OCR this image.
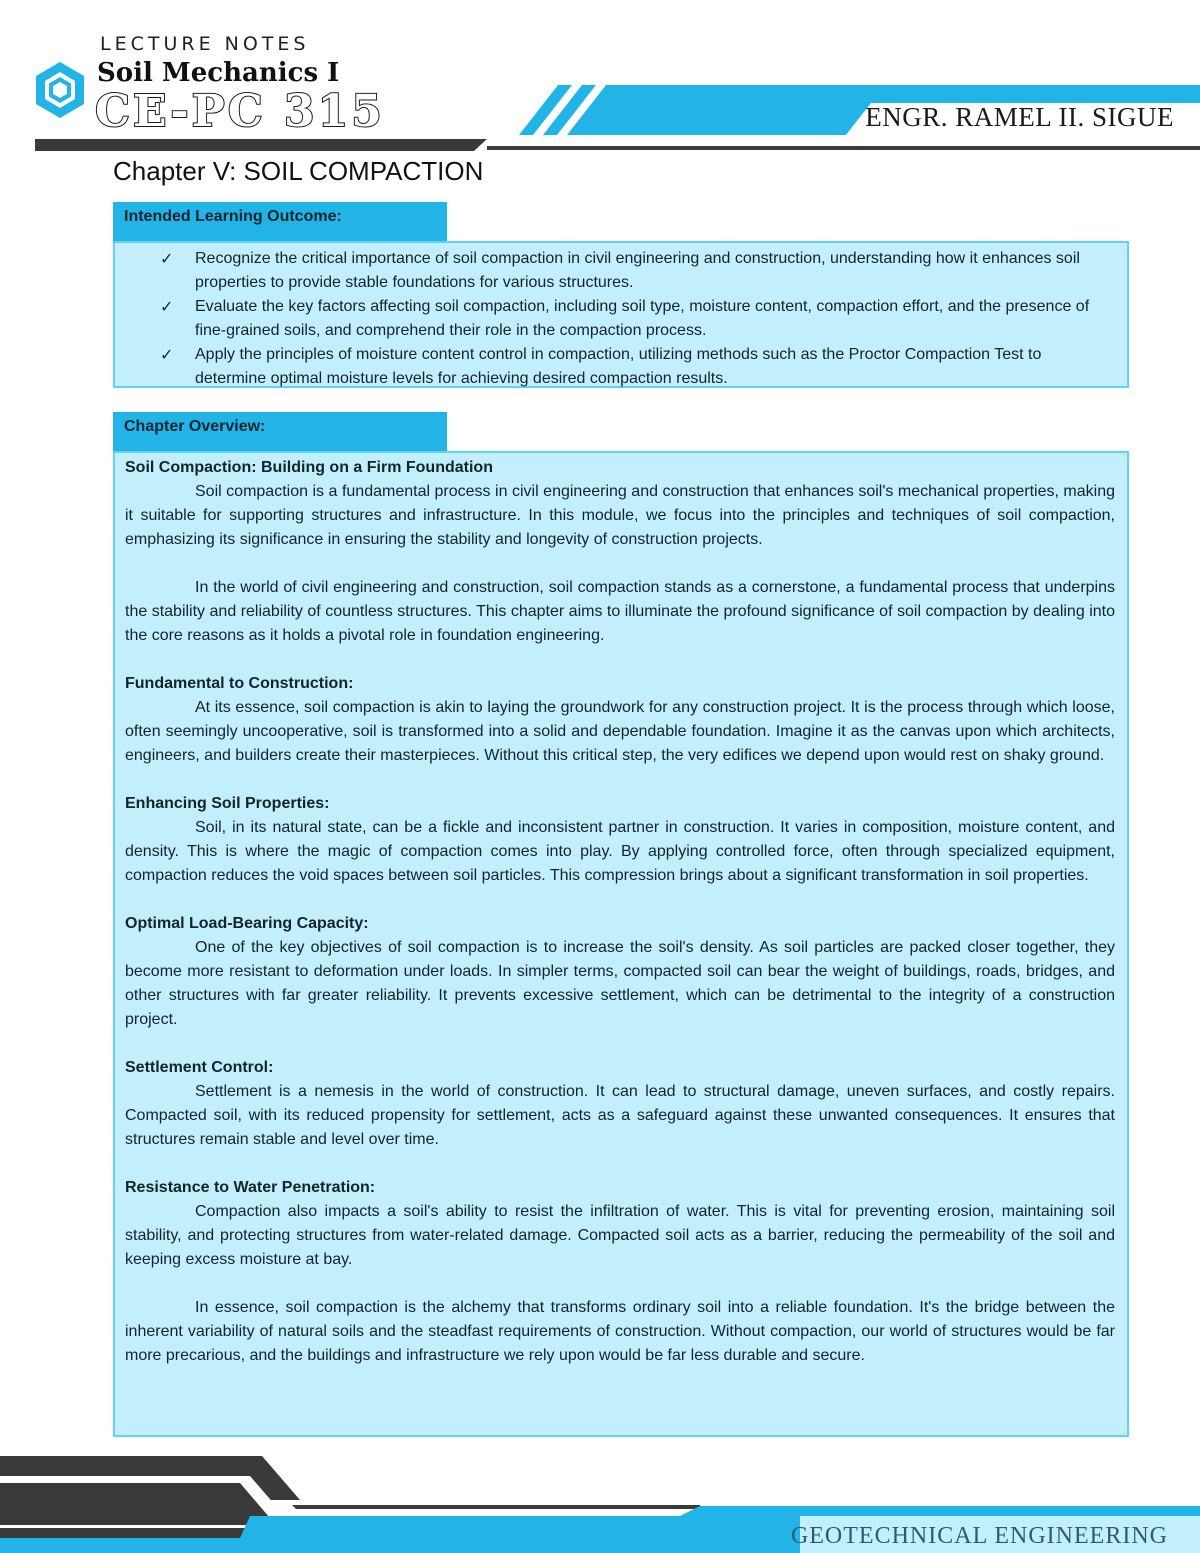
LECTURE NOTES
Soil Mechanics I
CE-PC 315	ENGR. RAMEL II. SIGUE
Chapter V: SOIL COMPACTION
Intended Learning Outcome:
✓ Recognize the critical importance of soil compaction in civil engineering and construction, understanding how it enhances soil properties to provide stable foundations for various structures.
✓ Evaluate the key factors affecting soil compaction, including soil type, moisture content, compaction effort, and the presence of fine-grained soils, and comprehend their role in the compaction process.
✓ Apply the principles of moisture content control in compaction, utilizing methods such as the Proctor Compaction Test to determine optimal moisture levels for achieving desired compaction results.
Chapter Overview:
Soil Compaction: Building on a Firm Foundation

Soil compaction is a fundamental process in civil engineering and construction that enhances soil's mechanical properties, making it suitable for supporting structures and infrastructure. In this module, we focus into the principles and techniques of soil compaction, emphasizing its significance in ensuring the stability and longevity of construction projects.

In the world of civil engineering and construction, soil compaction stands as a cornerstone, a fundamental process that underpins the stability and reliability of countless structures. This chapter aims to illuminate the profound significance of soil compaction by dealing into the core reasons as it holds a pivotal role in foundation engineering.

Fundamental to Construction:

At its essence, soil compaction is akin to laying the groundwork for any construction project. It is the process through which loose, often seemingly uncooperative, soil is transformed into a solid and dependable foundation. Imagine it as the canvas upon which architects, engineers, and builders create their masterpieces. Without this critical step, the very edifices we depend upon would rest on shaky ground.

Enhancing Soil Properties:

Soil, in its natural state, can be a fickle and inconsistent partner in construction. It varies in composition, moisture content, and density. This is where the magic of compaction comes into play. By applying controlled force, often through specialized equipment, compaction reduces the void spaces between soil particles. This compression brings about a significant transformation in soil properties.

Optimal Load-Bearing Capacity:

One of the key objectives of soil compaction is to increase the soil's density. As soil particles are packed closer together, they become more resistant to deformation under loads. In simpler terms, compacted soil can bear the weight of buildings, roads, bridges, and other structures with far greater reliability. It prevents excessive settlement, which can be detrimental to the integrity of a construction project.

Settlement Control:

Settlement is a nemesis in the world of construction. It can lead to structural damage, uneven surfaces, and costly repairs. Compacted soil, with its reduced propensity for settlement, acts as a safeguard against these unwanted consequences. It ensures that structures remain stable and level over time.

Resistance to Water Penetration:

Compaction also impacts a soil's ability to resist the infiltration of water. This is vital for preventing erosion, maintaining soil stability, and protecting structures from water-related damage. Compacted soil acts as a barrier, reducing the permeability of the soil and keeping excess moisture at bay.

In essence, soil compaction is the alchemy that transforms ordinary soil into a reliable foundation. It's the bridge between the inherent variability of natural soils and the steadfast requirements of construction. Without compaction, our world of structures would be far more precarious, and the buildings and infrastructure we rely upon would be far less durable and secure.

GEOTECHNICAL ENGINEERING
